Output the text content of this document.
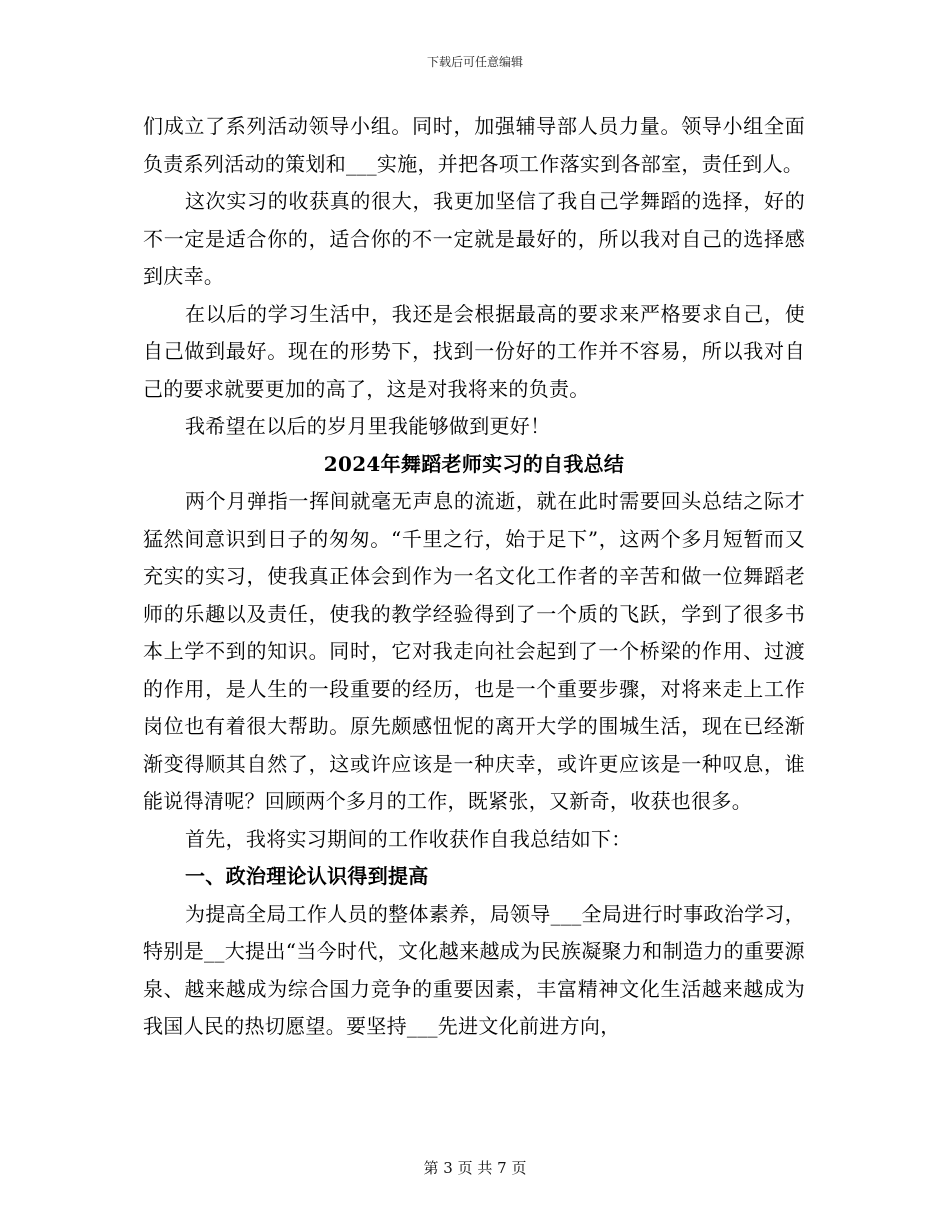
下载后可任意编辑

们成立了系列活动领导小组。同时，加强辅导部人员力量。领导小组全面负责系列活动的策划和___实施，并把各项工作落实到各部室，责任到人。

这次实习的收获真的很大，我更加坚信了我自己学舞蹈的选择，好的不一定是适合你的，适合你的不一定就是最好的，所以我对自己的选择感到庆幸。

在以后的学习生活中，我还是会根据最高的要求来严格要求自己，使自己做到最好。现在的形势下，找到一份好的工作并不容易，所以我对自己的要求就要更加的高了，这是对我将来的负责。

我希望在以后的岁月里我能够做到更好！

2024年舞蹈老师实习的自我总结

两个月弹指一挥间就毫无声息的流逝，就在此时需要回头总结之际才猛然间意识到日子的匆匆。“千里之行，始于足下”，这两个多月短暂而又充实的实习，使我真正体会到作为一名文化工作者的辛苦和做一位舞蹈老师的乐趣以及责任，使我的教学经验得到了一个质的飞跃，学到了很多书本上学不到的知识。同时，它对我走向社会起到了一个桥梁的作用、过渡的作用，是人生的一段重要的经历，也是一个重要步骤，对将来走上工作岗位也有着很大帮助。原先颇感忸怩的离开大学的围城生活，现在已经渐渐变得顺其自然了，这或许应该是一种庆幸，或许更应该是一种叹息，谁能说得清呢？回顾两个多月的工作，既紧张，又新奇，收获也很多。

首先，我将实习期间的工作收获作自我总结如下：

一、政治理论认识得到提高

为提高全局工作人员的整体素养，局领导___全局进行时事政治学习，特别是__大提出“当今时代，文化越来越成为民族凝聚力和制造力的重要源泉、越来越成为综合国力竞争的重要因素，丰富精神文化生活越来越成为我国人民的热切愿望。要坚持___先进文化前进方向，

第 3 页 共 7 页
